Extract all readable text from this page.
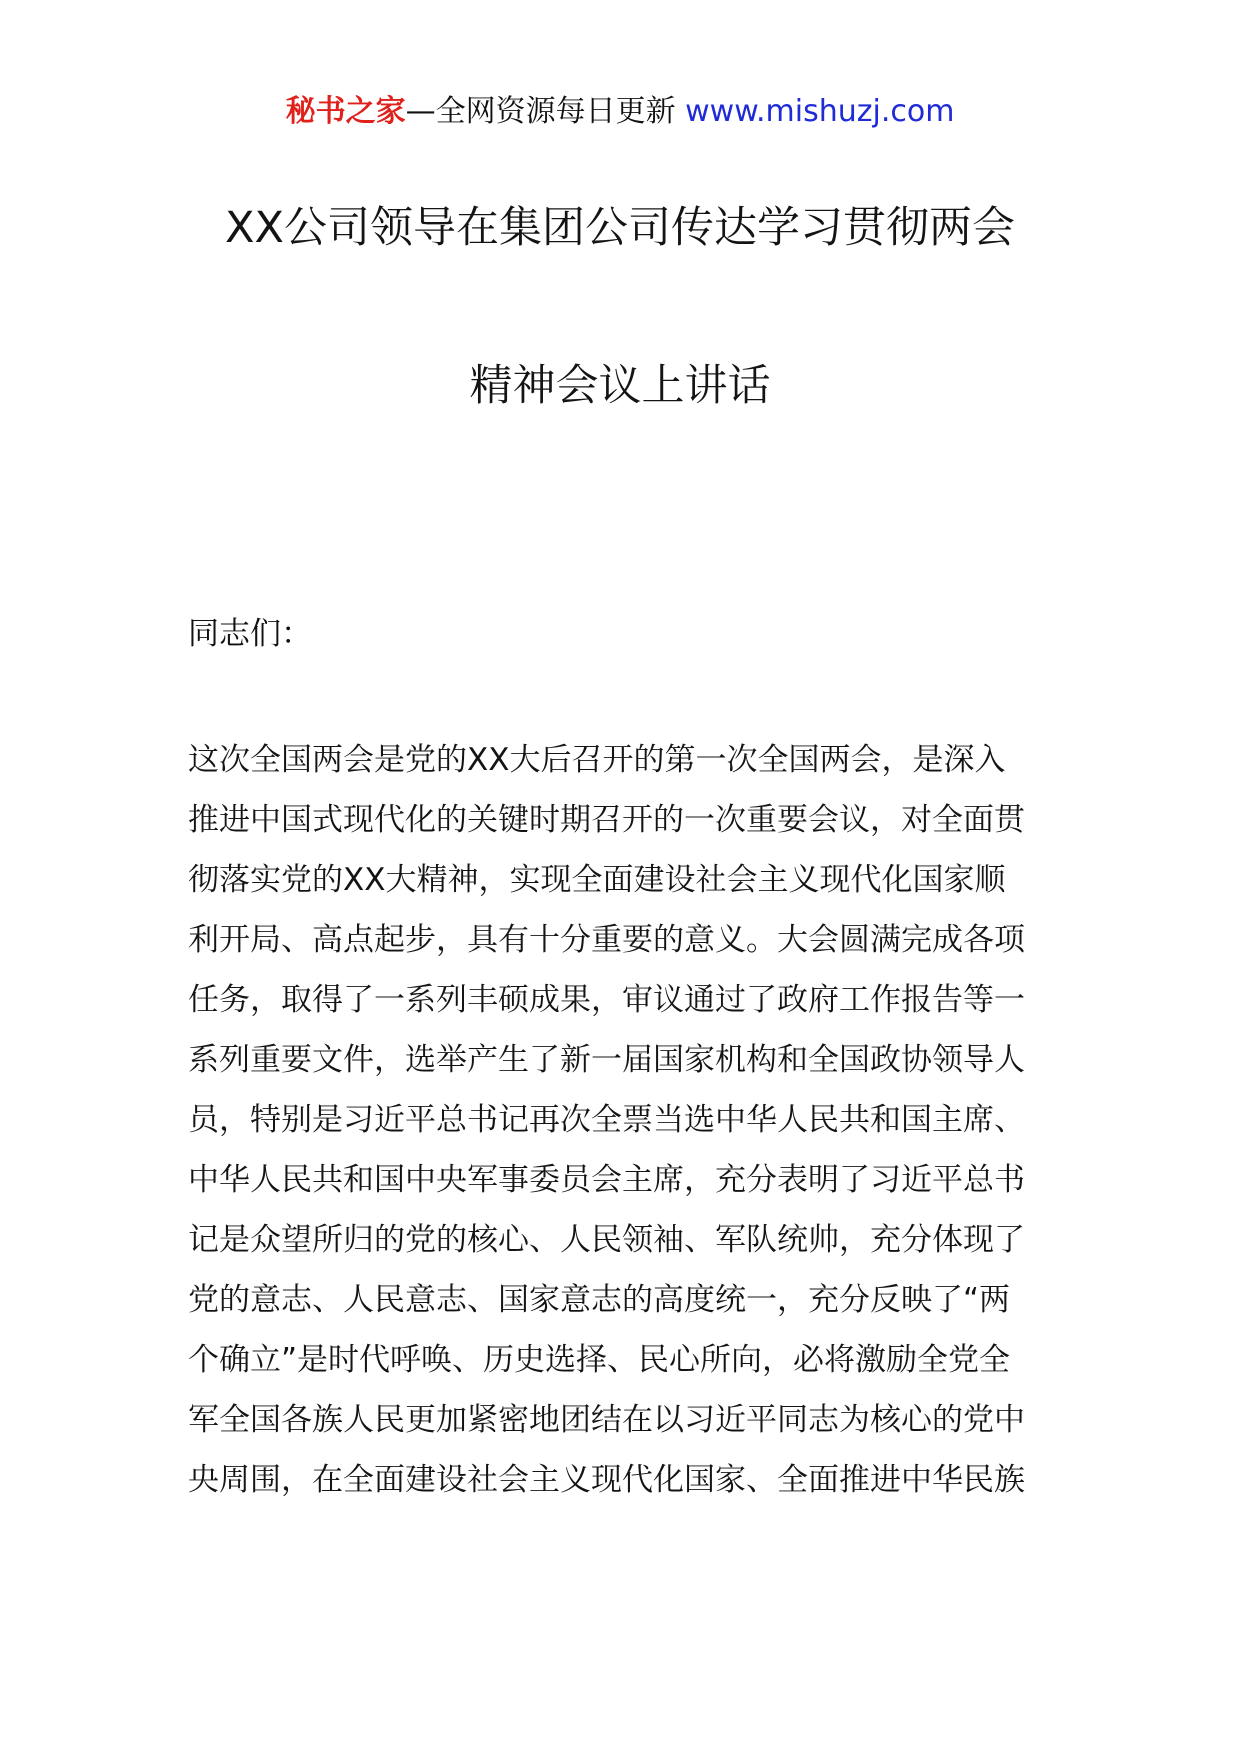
秘书之家—全网资源每日更新 www.mishuzj.com
XX公司领导在集团公司传达学习贯彻两会
精神会议上讲话
同志们：
这次全国两会是党的XX大后召开的第一次全国两会，是深入
推进中国式现代化的关键时期召开的一次重要会议，对全面贯
彻落实党的XX大精神，实现全面建设社会主义现代化国家顺
利开局、高点起步，具有十分重要的意义。大会圆满完成各项
任务，取得了一系列丰硕成果，审议通过了政府工作报告等一
系列重要文件，选举产生了新一届国家机构和全国政协领导人
员，特别是习近平总书记再次全票当选中华人民共和国主席、
中华人民共和国中央军事委员会主席，充分表明了习近平总书
记是众望所归的党的核心、人民领袖、军队统帅，充分体现了
党的意志、人民意志、国家意志的高度统一，充分反映了“两
个确立”是时代呼唤、历史选择、民心所向，必将激励全党全
军全国各族人民更加紧密地团结在以习近平同志为核心的党中
央周围，在全面建设社会主义现代化国家、全面推进中华民族
